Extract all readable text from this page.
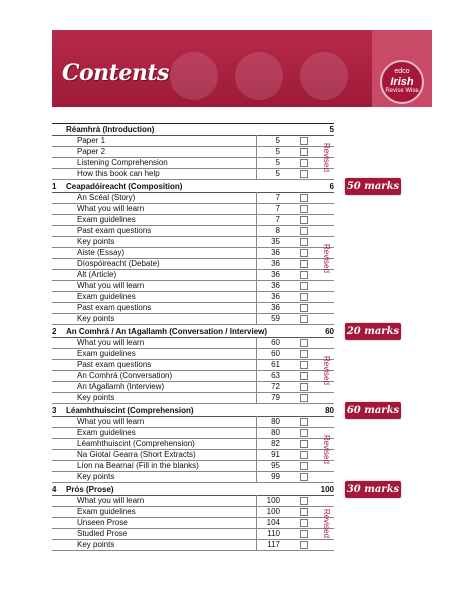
Contents	edco
Irish
Revise Wise
Réamhrá (Introduction)	5
Paper 1	5
Paper 2	5
Listening Comprehension	5
How this book can help	5
Revised
1 Ceapadóireacht (Composition)	6
An Scéal (Story)	7
What you will learn	7
Exam guidelines	7
Past exam questions	8
Key points	35
Aiste (Essay)	36
Díospóireacht (Debate)	36
Alt (Article)	36
What you will learn	36
Exam guidelines	36
Past exam questions	36
Key points	59
Revised
50 marks
2 An Comhrá / An tAgallamh (Conversation / Interview)	60
What you will learn	60
Exam guidelines	60
Past exam questions	61
An Comhrá (Conversation)	63
An tAgallamh (Interview)	72
Key points	79
Revised
20 marks
3 Léamhthuiscint (Comprehension)	80
What you will learn	80
Exam guidelines	80
Léamhthuiscint (Comprehension)	82
Na Giotaí Gearra (Short Extracts)	91
Líon na Bearnaí (Fill in the blanks)	95
Key points	99
Revised
60 marks
4 Prós (Prose)	100
What you will learn	100
Exam guidelines	100
Unseen Prose	104
Studied Prose	110
Key points	117
Revised
30 marks
